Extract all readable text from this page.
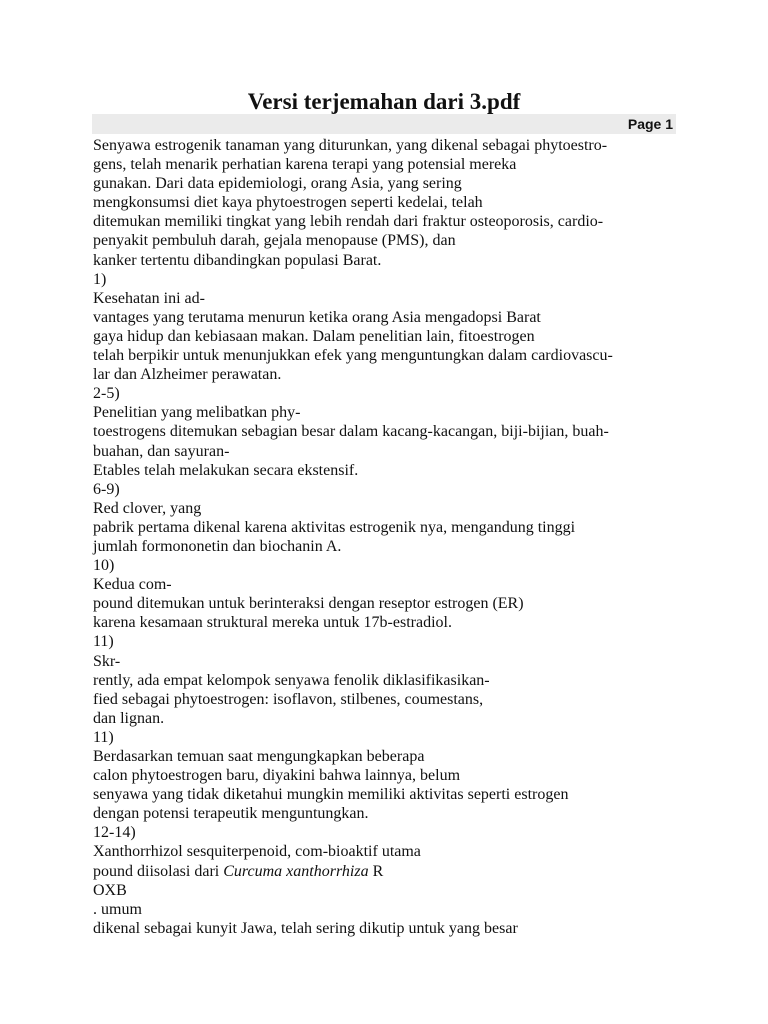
Versi terjemahan dari 3.pdf
Page 1
Senyawa estrogenik tanaman yang diturunkan, yang dikenal sebagai phytoestro-
gens, telah menarik perhatian karena terapi yang potensial mereka
gunakan. Dari data epidemiologi, orang Asia, yang sering
mengkonsumsi diet kaya phytoestrogen seperti kedelai, telah
ditemukan memiliki tingkat yang lebih rendah dari fraktur osteoporosis, cardio-
penyakit pembuluh darah, gejala menopause (PMS), dan
kanker tertentu dibandingkan populasi Barat.
1)
Kesehatan ini ad-
vantages yang terutama menurun ketika orang Asia mengadopsi Barat
gaya hidup dan kebiasaan makan. Dalam penelitian lain, fitoestrogen
telah berpikir untuk menunjukkan efek yang menguntungkan dalam cardiovascu-
lar dan Alzheimer perawatan.
2-5)
Penelitian yang melibatkan phy-
toestrogens ditemukan sebagian besar dalam kacang-kacangan, biji-bijian, buah-
buahan, dan sayuran-
Etables telah melakukan secara ekstensif.
6-9)
Red clover, yang
pabrik pertama dikenal karena aktivitas estrogenik nya, mengandung tinggi
jumlah formononetin dan biochanin A.
10)
Kedua com-
pound ditemukan untuk berinteraksi dengan reseptor estrogen (ER)
karena kesamaan struktural mereka untuk 17b-estradiol.
11)
Skr-
rently, ada empat kelompok senyawa fenolik diklasifikasikan-
fied sebagai phytoestrogen: isoflavon, stilbenes, coumestans,
dan lignan.
11)
Berdasarkan temuan saat mengungkapkan beberapa
calon phytoestrogen baru, diyakini bahwa lainnya, belum
senyawa yang tidak diketahui mungkin memiliki aktivitas seperti estrogen
dengan potensi terapeutik menguntungkan.
12-14)
Xanthorrhizol sesquiterpenoid, com-bioaktif utama
pound diisolasi dari Curcuma xanthorrhiza R
OXB
. umum
dikenal sebagai kunyit Jawa, telah sering dikutip untuk yang besar
